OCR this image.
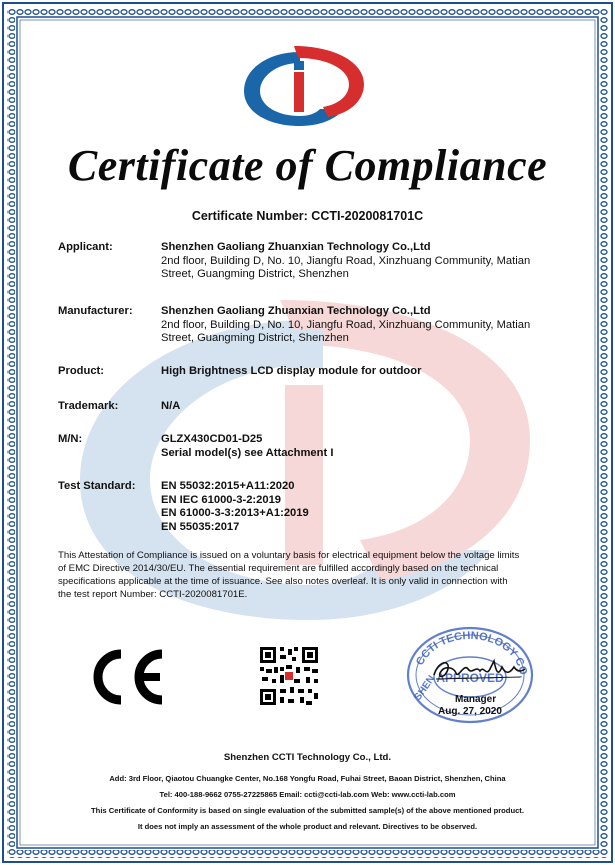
Certificate of Compliance
Certificate Number: CCTI-2020081701C
Applicant:	Shenzhen Gaoliang Zhuanxian Technology Co.,Ltd
2nd floor, Building D, No. 10, Jiangfu Road, Xinzhuang Community, Matian
Street, Guangming District, Shenzhen
Manufacturer:	Shenzhen Gaoliang Zhuanxian Technology Co.,Ltd
2nd floor, Building D, No. 10, Jiangfu Road, Xinzhuang Community, Matian
Street, Guangming District, Shenzhen
Product:	High Brightness LCD display module for outdoor
Trademark:	N/A
M/N:	GLZX430CD01-D25
Serial model(s) see Attachment I
Test Standard:	EN 55032:2015+A11:2020
EN IEC 61000-3-2:2019
EN 61000-3-3:2013+A1:2019
EN 55035:2017
This Attestation of Compliance is issued on a voluntary basis for electrical equipment below the voltage limits
of EMC Directive 2014/30/EU. The essential requirement are fulfilled accordingly based on the technical
specifications applicable at the time of issuance. See also notes overleaf. It is only valid in connection with
the test report Number: CCTI-2020081701E.
CCTI TECHNOLOGY CO.
SHEN
APPROVED
Manager
Aug. 27, 2020
Shenzhen CCTI Technology Co., Ltd.
Add: 3rd Floor, Qiaotou Chuangke Center, No.168 Yongfu Road, Fuhai Street, Baoan District, Shenzhen, China
Tel: 400-188-9662 0755-27225865 Email: ccti@ccti-lab.com Web: www.ccti-lab.com
This Certificate of Conformity is based on single evaluation of the submitted sample(s) of the above mentioned product.
It does not imply an assessment of the whole product and relevant. Directives to be observed.
